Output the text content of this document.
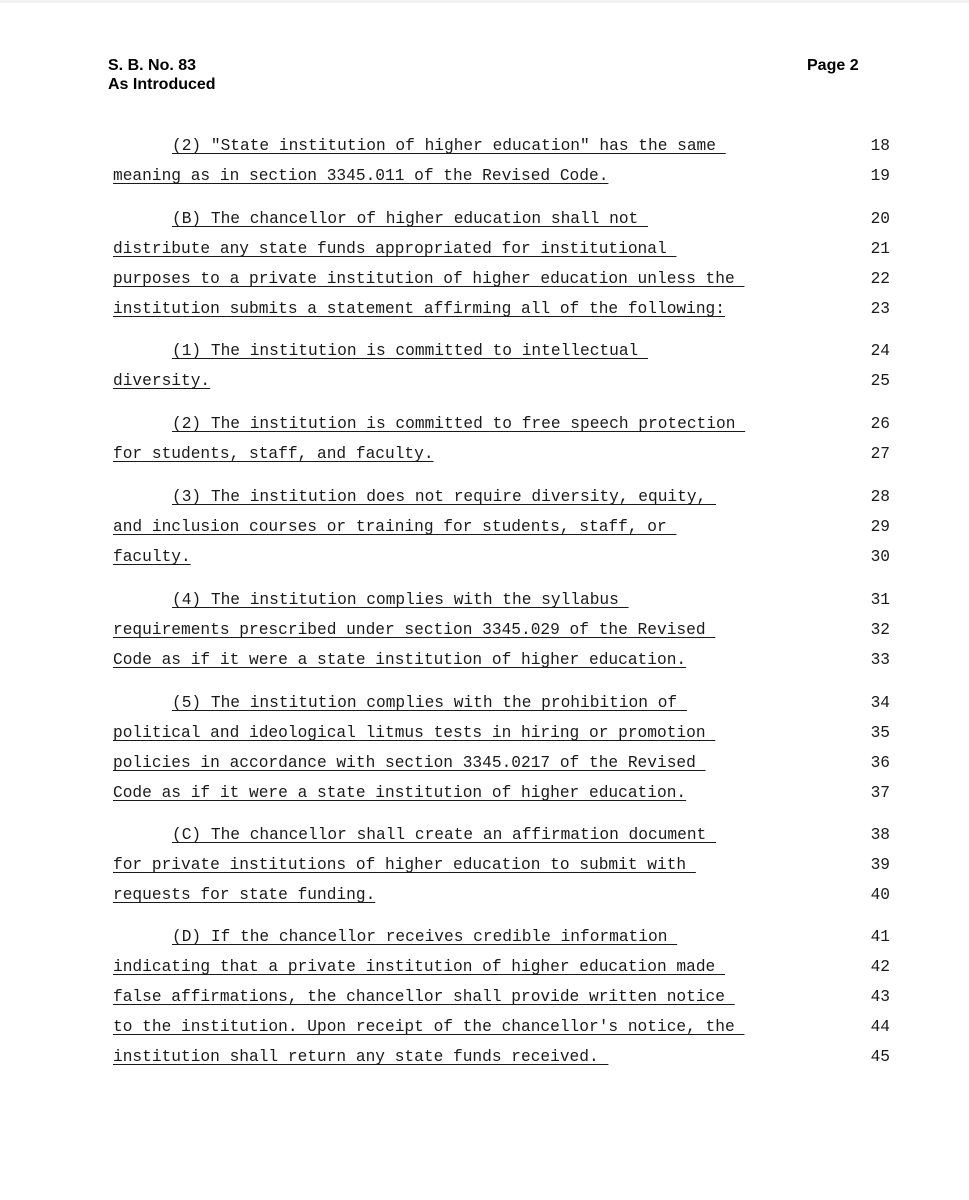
S. B. No. 83
As Introduced
Page 2
(2) "State institution of higher education" has the same	18
meaning as in section 3345.011 of the Revised Code.	19
(B) The chancellor of higher education shall not	20
distribute any state funds appropriated for institutional	21
purposes to a private institution of higher education unless the	22
institution submits a statement affirming all of the following:	23
(1) The institution is committed to intellectual	24
diversity.	25
(2) The institution is committed to free speech protection	26
for students, staff, and faculty.	27
(3) The institution does not require diversity, equity,	28
and inclusion courses or training for students, staff, or	29
faculty.	30
(4) The institution complies with the syllabus	31
requirements prescribed under section 3345.029 of the Revised	32
Code as if it were a state institution of higher education.	33
(5) The institution complies with the prohibition of	34
political and ideological litmus tests in hiring or promotion	35
policies in accordance with section 3345.0217 of the Revised	36
Code as if it were a state institution of higher education.	37
(C) The chancellor shall create an affirmation document	38
for private institutions of higher education to submit with	39
requests for state funding.	40
(D) If the chancellor receives credible information	41
indicating that a private institution of higher education made	42
false affirmations, the chancellor shall provide written notice	43
to the institution. Upon receipt of the chancellor's notice, the	44
institution shall return any state funds received.	45
